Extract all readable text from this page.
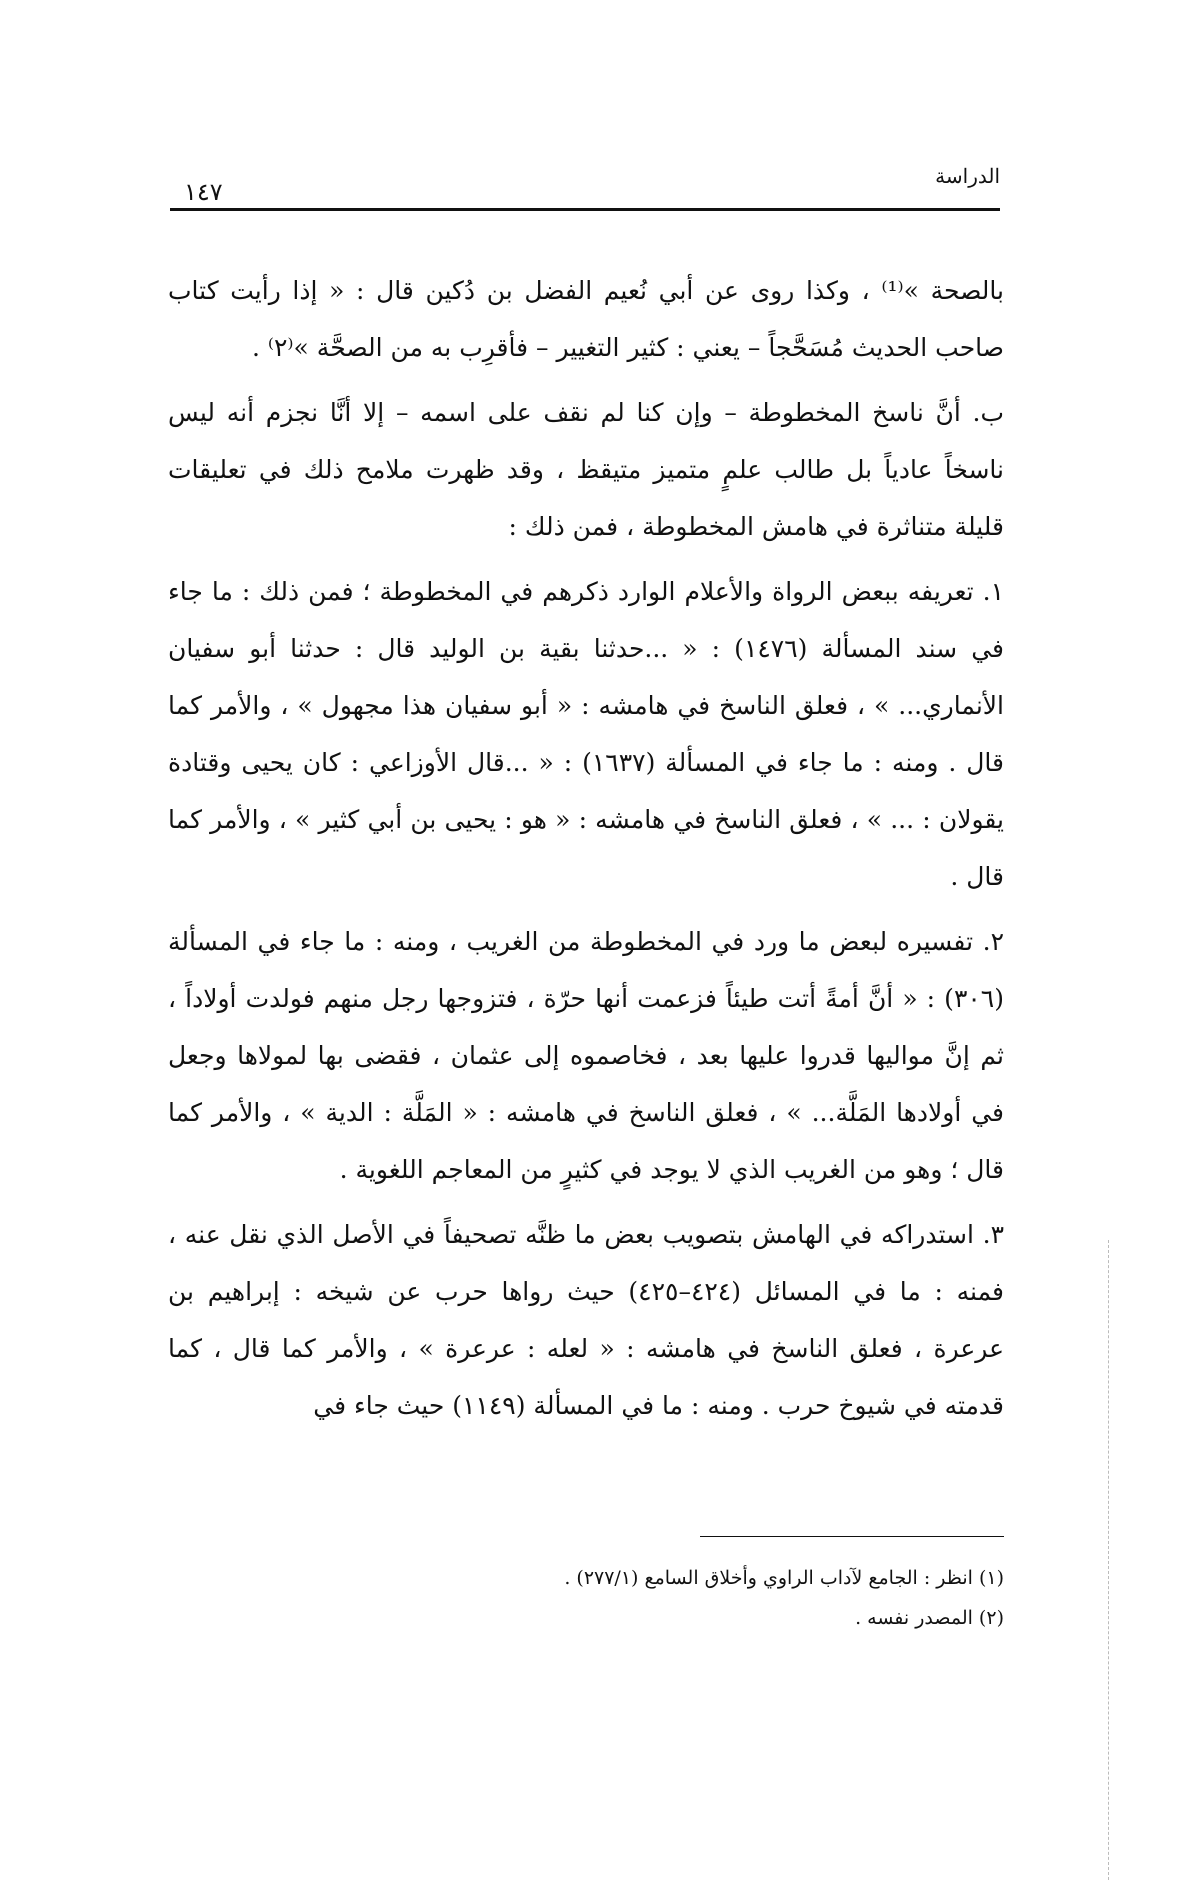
الدراسة
١٤٧

بالصحة »⁽¹⁾ ، وكذا روى عن أبي نُعيم الفضل بن دُكين قال : « إذا رأيت كتاب صاحب الحديث مُسَحَّجاً – يعني : كثير التغيير – فأقرِب به من الصحَّة »⁽٢⁾ .

ب. أنَّ ناسخ المخطوطة – وإن كنا لم نقف على اسمه – إلا أنَّا نجزم أنه ليس ناسخاً عادياً بل طالب علمٍ متميز متيقظ ، وقد ظهرت ملامح ذلك في تعليقات قليلة متناثرة في هامش المخطوطة ، فمن ذلك :

١. تعريفه ببعض الرواة والأعلام الوارد ذكرهم في المخطوطة ؛ فمن ذلك : ما جاء في سند المسألة (١٤٧٦) : « ...حدثنا بقية بن الوليد قال : حدثنا أبو سفيان الأنماري... » ، فعلق الناسخ في هامشه : « أبو سفيان هذا مجهول » ، والأمر كما قال . ومنه : ما جاء في المسألة (١٦٣٧) : « ...قال الأوزاعي : كان يحيى وقتادة يقولان : ... » ، فعلق الناسخ في هامشه : « هو : يحيى بن أبي كثير » ، والأمر كما قال .

٢. تفسيره لبعض ما ورد في المخطوطة من الغريب ، ومنه : ما جاء في المسألة (٣٠٦) : « أنَّ أمةً أتت طيئاً فزعمت أنها حرّة ، فتزوجها رجل منهم فولدت أولاداً ، ثم إنَّ مواليها قدروا عليها بعد ، فخاصموه إلى عثمان ، فقضى بها لمولاها وجعل في أولادها المَلَّة... » ، فعلق الناسخ في هامشه : « المَلَّة : الدية » ، والأمر كما قال ؛ وهو من الغريب الذي لا يوجد في كثيرٍ من المعاجم اللغوية .

٣. استدراكه في الهامش بتصويب بعض ما ظنَّه تصحيفاً في الأصل الذي نقل عنه ، فمنه : ما في المسائل (٤٢٤–٤٢٥) حيث رواها حرب عن شيخه : إبراهيم بن عرعرة ، فعلق الناسخ في هامشه : « لعله : عرعرة » ، والأمر كما قال ، كما قدمته في شيوخ حرب . ومنه : ما في المسألة (١١٤٩) حيث جاء في

(١) انظر : الجامع لآداب الراوي وأخلاق السامع (٢٧٧/١) .

(٢) المصدر نفسه .
